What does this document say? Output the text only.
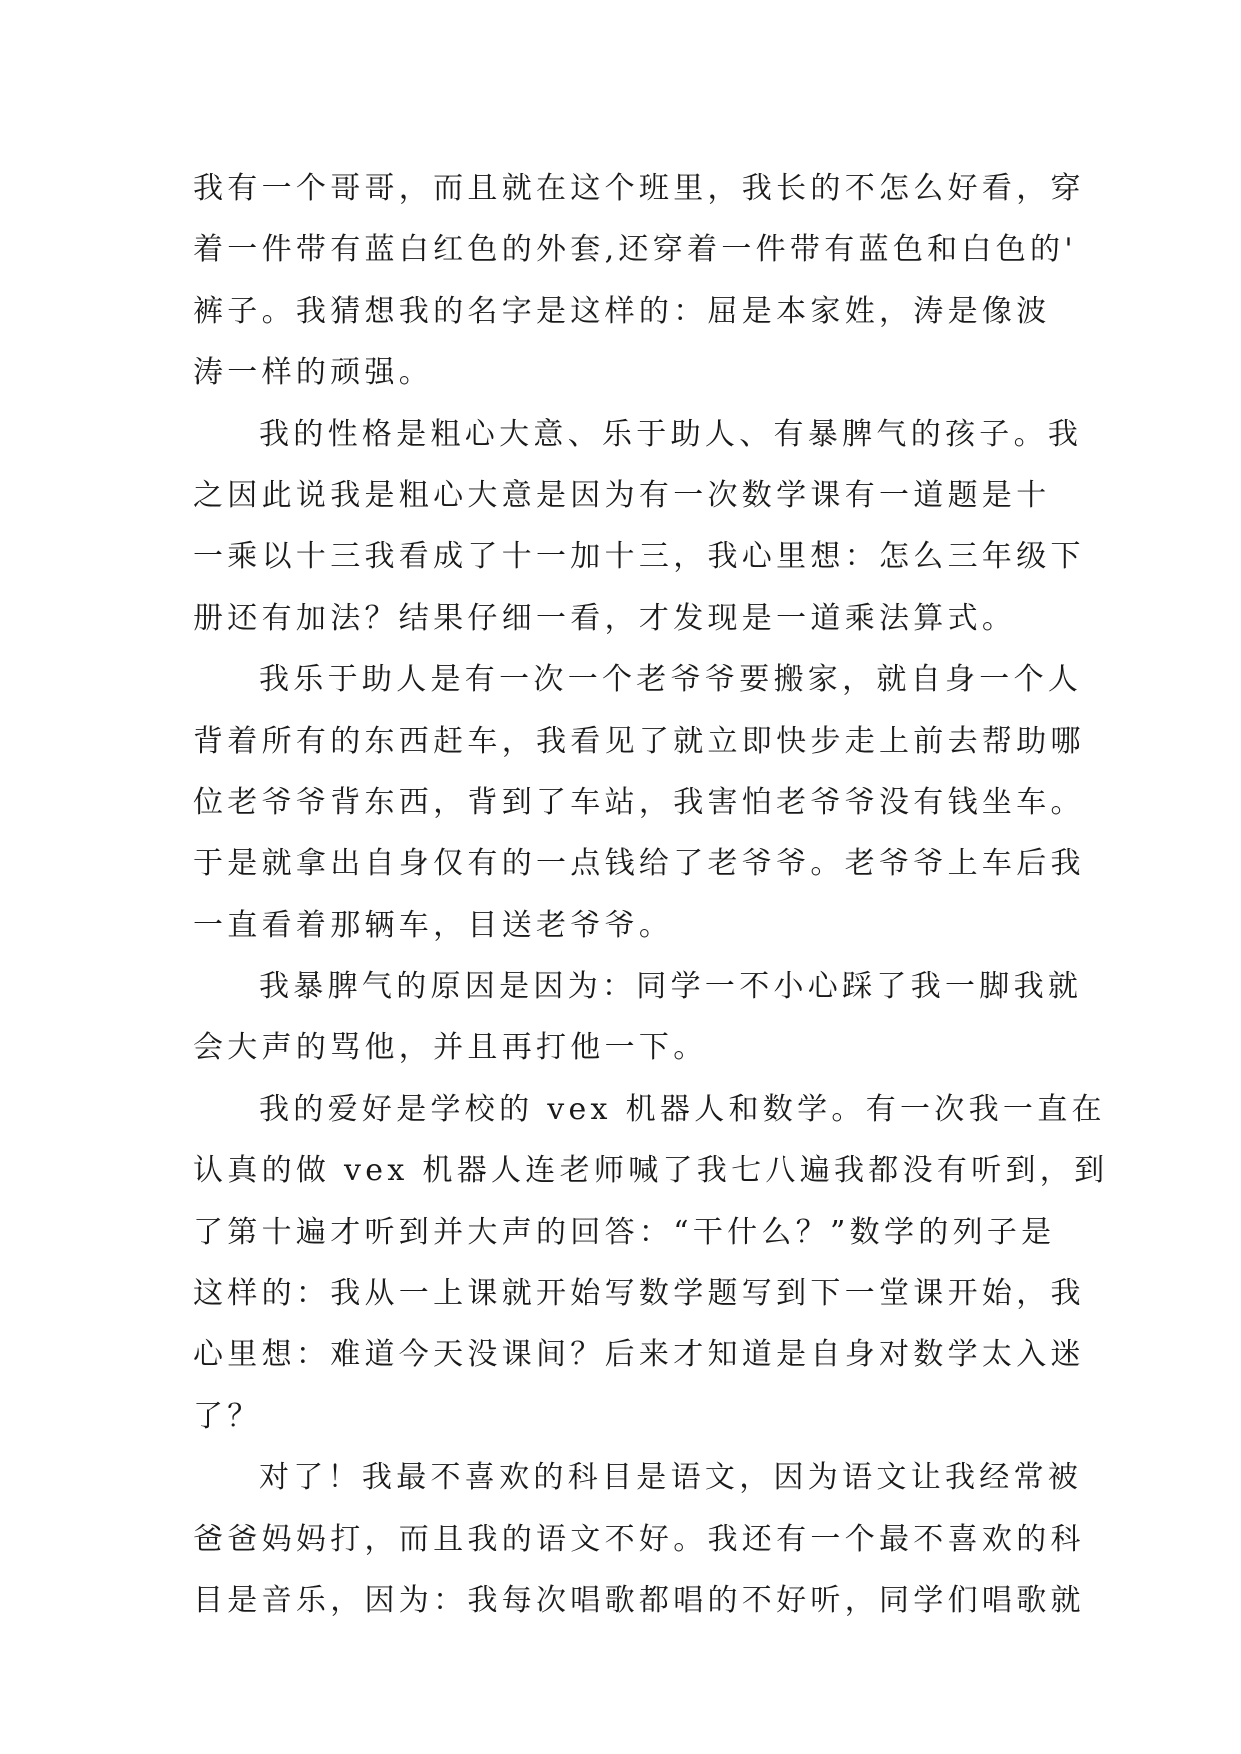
我有一个哥哥，而且就在这个班里，我长的不怎么好看，穿
着一件带有蓝白红色的外套,还穿着一件带有蓝色和白色的'
裤子。我猜想我的名字是这样的：屈是本家姓，涛是像波
涛一样的顽强。
我的性格是粗心大意、乐于助人、有暴脾气的孩子。我
之因此说我是粗心大意是因为有一次数学课有一道题是十
一乘以十三我看成了十一加十三，我心里想：怎么三年级下
册还有加法？结果仔细一看，才发现是一道乘法算式。
我乐于助人是有一次一个老爷爷要搬家，就自身一个人
背着所有的东西赶车，我看见了就立即快步走上前去帮助哪
位老爷爷背东西，背到了车站，我害怕老爷爷没有钱坐车。
于是就拿出自身仅有的一点钱给了老爷爷。老爷爷上车后我
一直看着那辆车，目送老爷爷。
我暴脾气的原因是因为：同学一不小心踩了我一脚我就
会大声的骂他，并且再打他一下。
我的爱好是学校的 vex 机器人和数学。有一次我一直在
认真的做 vex 机器人连老师喊了我七八遍我都没有听到，到
了第十遍才听到并大声的回答：“干什么？”数学的列子是
这样的：我从一上课就开始写数学题写到下一堂课开始，我
心里想：难道今天没课间？后来才知道是自身对数学太入迷
了？
对了！我最不喜欢的科目是语文，因为语文让我经常被
爸爸妈妈打，而且我的语文不好。我还有一个最不喜欢的科
目是音乐，因为：我每次唱歌都唱的不好听，同学们唱歌就
